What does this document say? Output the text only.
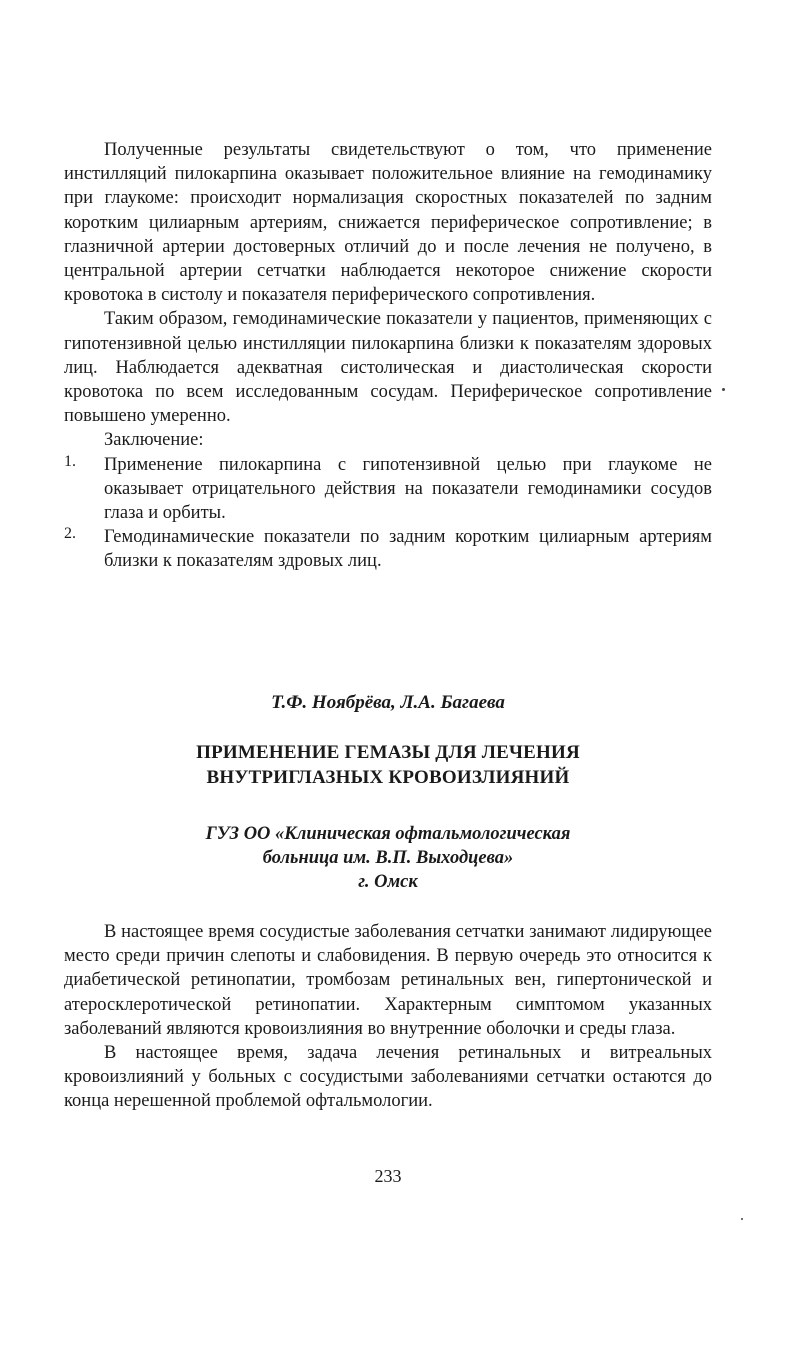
Полученные результаты свидетельствуют о том, что применение инстилляций пилокарпина оказывает положительное влияние на гемодинамику при глаукоме: происходит нормализация скоростных показателей по задним коротким цилиарным артериям, снижается периферическое сопротивление; в глазничной артерии достоверных отличий до и после лечения не получено, в центральной артерии сетчатки наблюдается некоторое снижение скорости кровотока в систолу и показателя периферического сопротивления.

Таким образом, гемодинамические показатели у пациентов, применяющих с гипотензивной целью инстилляции пилокарпина близки к показателям здоровых лиц. Наблюдается адекватная систолическая и диастолическая скорости кровотока по всем исследованным сосудам. Периферическое сопротивление повышено умеренно.

Заключение:

1. Применение пилокарпина с гипотензивной целью при глаукоме не оказывает отрицательного действия на показатели гемодинамики сосудов глаза и орбиты.

2. Гемодинамические показатели по задним коротким цилиарным артериям близки к показателям здровых лиц.

Т.Ф. Ноябрёва, Л.А. Багаева
ПРИМЕНЕНИЕ ГЕМАЗЫ ДЛЯ ЛЕЧЕНИЯ
ВНУТРИГЛАЗНЫХ КРОВОИЗЛИЯНИЙ
ГУЗ ОО «Клиническая офтальмологическая
больница им. В.П. Выходцева»
г. Омск

В настоящее время сосудистые заболевания сетчатки занимают лидирующее место среди причин слепоты и слабовидения. В первую очередь это относится к диабетической ретинопатии, тромбозам ретинальных вен, гипертонической и атеросклеротической ретинопатии. Характерным симптомом указанных заболеваний являются кровоизлияния во внутренние оболочки и среды глаза.

В настоящее время, задача лечения ретинальных и витреальных кровоизлияний у больных с сосудистыми заболеваниями сетчатки остаются до конца нерешенной проблемой офтальмологии.

233
